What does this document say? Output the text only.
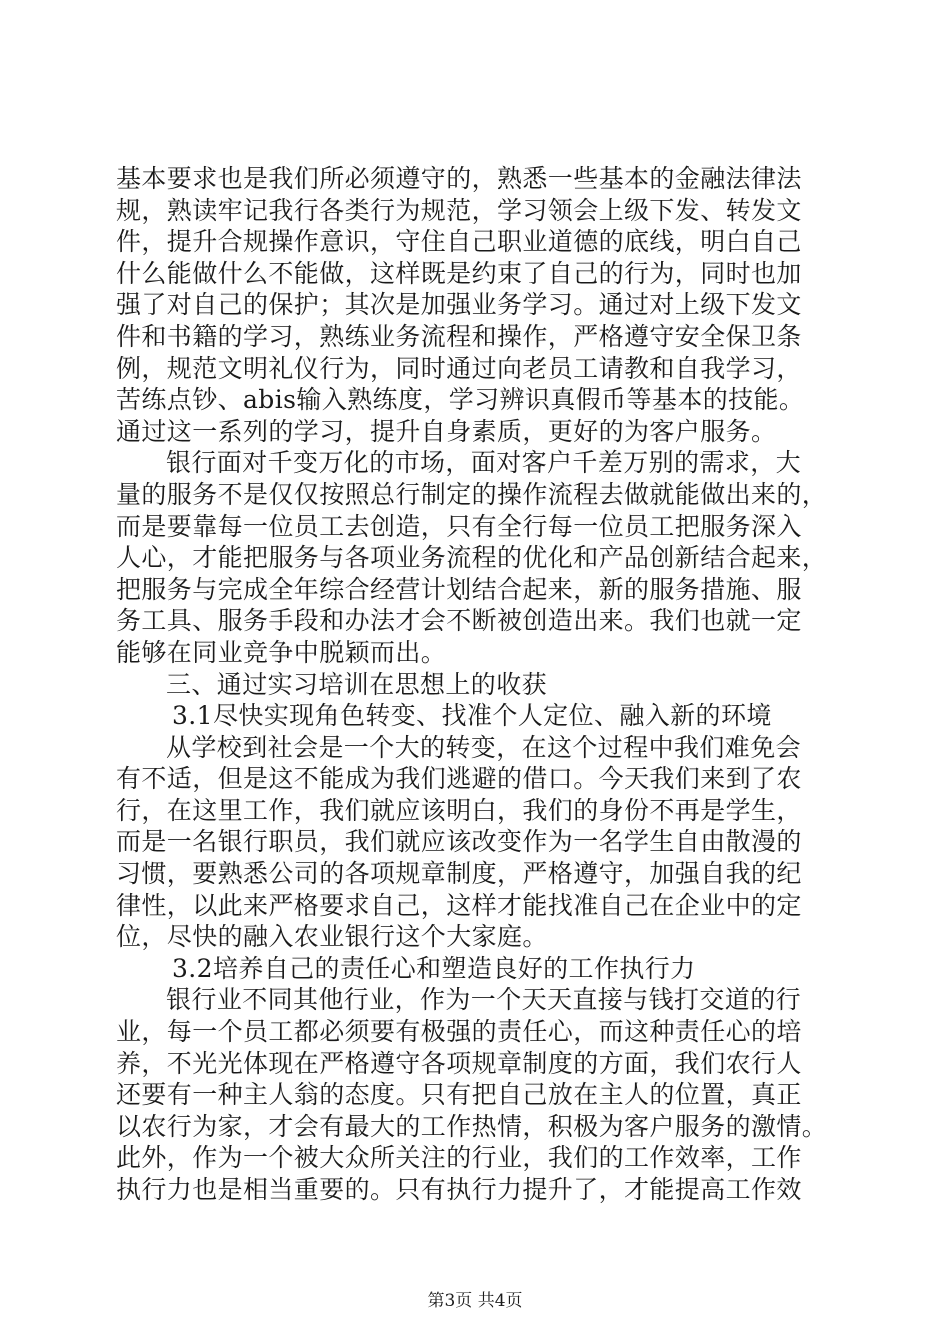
基本要求也是我们所必须遵守的，熟悉一些基本的金融法律法
规，熟读牢记我行各类行为规范，学习领会上级下发、转发文
件，提升合规操作意识，守住自己职业道德的底线，明白自己
什么能做什么不能做，这样既是约束了自己的行为，同时也加
强了对自己的保护；其次是加强业务学习。通过对上级下发文
件和书籍的学习，熟练业务流程和操作，严格遵守安全保卫条
例，规范文明礼仪行为，同时通过向老员工请教和自我学习，
苦练点钞、abis输入熟练度，学习辨识真假币等基本的技能。
通过这一系列的学习，提升自身素质，更好的为客户服务。
银行面对千变万化的市场，面对客户千差万别的需求，大
量的服务不是仅仅按照总行制定的操作流程去做就能做出来的，
而是要靠每一位员工去创造，只有全行每一位员工把服务深入
人心，才能把服务与各项业务流程的优化和产品创新结合起来，
把服务与完成全年综合经营计划结合起来，新的服务措施、服
务工具、服务手段和办法才会不断被创造出来。我们也就一定
能够在同业竞争中脱颖而出。
三、通过实习培训在思想上的收获
3.1尽快实现角色转变、找准个人定位、融入新的环境
从学校到社会是一个大的转变，在这个过程中我们难免会
有不适，但是这不能成为我们逃避的借口。今天我们来到了农
行，在这里工作，我们就应该明白，我们的身份不再是学生，
而是一名银行职员，我们就应该改变作为一名学生自由散漫的
习惯，要熟悉公司的各项规章制度，严格遵守，加强自我的纪
律性，以此来严格要求自己，这样才能找准自己在企业中的定
位，尽快的融入农业银行这个大家庭。
3.2培养自己的责任心和塑造良好的工作执行力
银行业不同其他行业，作为一个天天直接与钱打交道的行
业，每一个员工都必须要有极强的责任心，而这种责任心的培
养，不光光体现在严格遵守各项规章制度的方面，我们农行人
还要有一种主人翁的态度。只有把自己放在主人的位置，真正
以农行为家，才会有最大的工作热情，积极为客户服务的激情。
此外，作为一个被大众所关注的行业，我们的工作效率，工作
执行力也是相当重要的。只有执行力提升了，才能提高工作效
第3页 共4页
